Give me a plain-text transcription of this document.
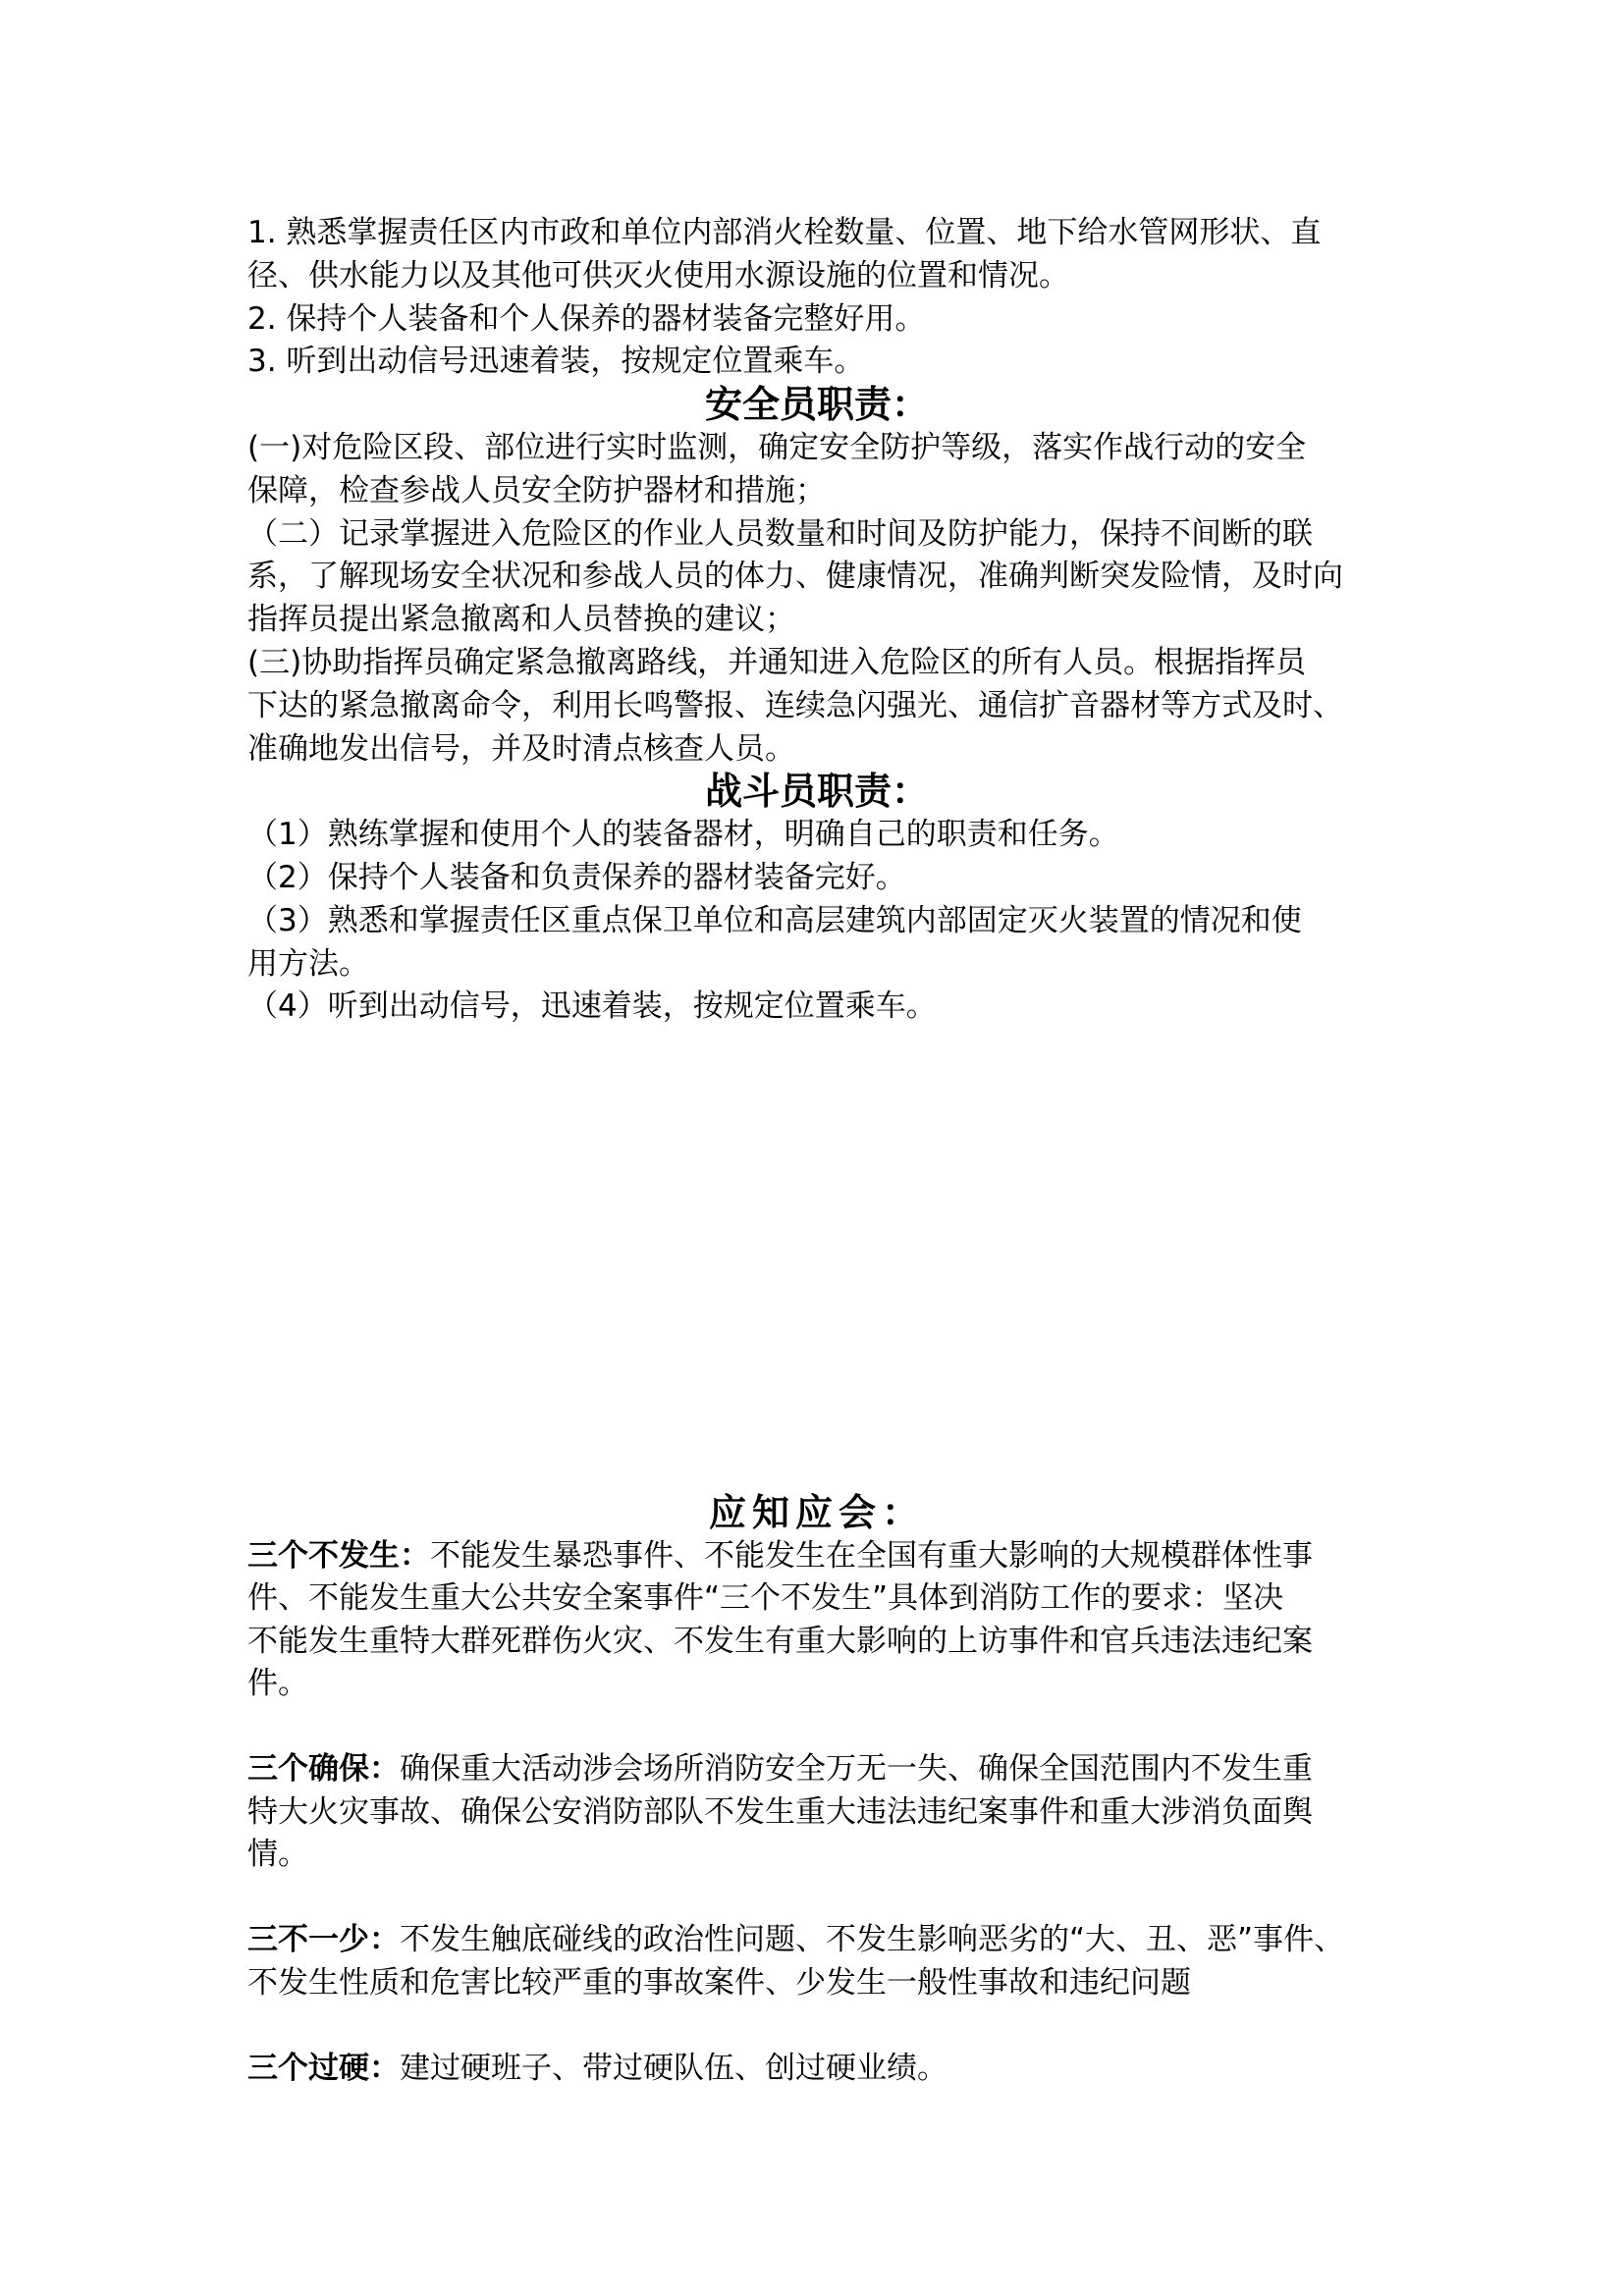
1. 熟悉掌握责任区内市政和单位内部消火栓数量、位置、地下给水管网形状、直
径、供水能力以及其他可供灭火使用水源设施的位置和情况。
2. 保持个人装备和个人保养的器材装备完整好用。
3. 听到出动信号迅速着装，按规定位置乘车。
安全员职责：
(一)对危险区段、部位进行实时监测，确定安全防护等级，落实作战行动的安全
保障，检查参战人员安全防护器材和措施；
（二）记录掌握进入危险区的作业人员数量和时间及防护能力，保持不间断的联
系，了解现场安全状况和参战人员的体力、健康情况，准确判断突发险情，及时向
指挥员提出紧急撤离和人员替换的建议；
(三)协助指挥员确定紧急撤离路线，并通知进入危险区的所有人员。根据指挥员
下达的紧急撤离命令，利用长鸣警报、连续急闪强光、通信扩音器材等方式及时、
准确地发出信号，并及时清点核查人员。
战斗员职责：
（1）熟练掌握和使用个人的装备器材，明确自己的职责和任务。
（2）保持个人装备和负责保养的器材装备完好。
（3）熟悉和掌握责任区重点保卫单位和高层建筑内部固定灭火装置的情况和使
用方法。
（4）听到出动信号，迅速着装，按规定位置乘车。
应知应会：
三个不发生：不能发生暴恐事件、不能发生在全国有重大影响的大规模群体性事
件、不能发生重大公共安全案事件“三个不发生”具体到消防工作的要求：坚决
不能发生重特大群死群伤火灾、不发生有重大影响的上访事件和官兵违法违纪案
件。
三个确保：确保重大活动涉会场所消防安全万无一失、确保全国范围内不发生重
特大火灾事故、确保公安消防部队不发生重大违法违纪案事件和重大涉消负面舆
情。
三不一少：不发生触底碰线的政治性问题、不发生影响恶劣的“大、丑、恶”事件、
不发生性质和危害比较严重的事故案件、少发生一般性事故和违纪问题
三个过硬：建过硬班子、带过硬队伍、创过硬业绩。
